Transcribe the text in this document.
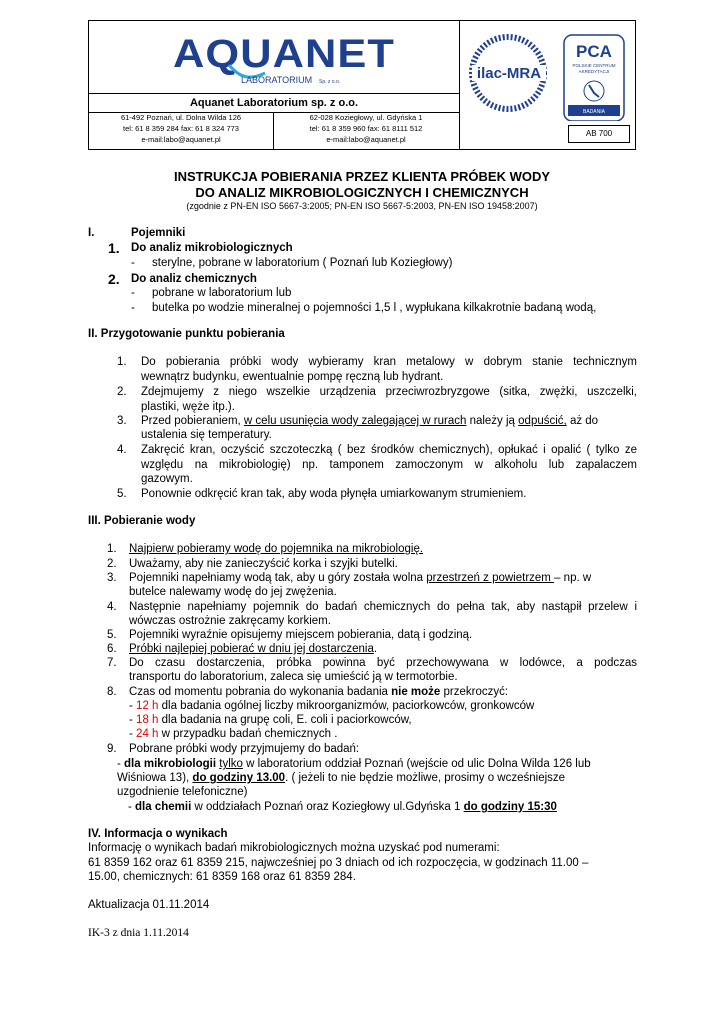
AQUANET
LABORATORIUM Sp. z o.o.
Aquanet Laboratorium sp. z o.o.
61-492 Poznań, ul. Dolna Wilda 126
tel: 61 8 359 284 fax: 61 8 324 773
e-mail:labo@aquanet.pl
62-028 Koziegłowy, ul. Gdyńska 1
tel: 61 8 359 960 fax: 61 8111 512
e-mail:labo@aquanet.pl
ilac-MRA
PCA
POLSKIE CENTRUM
AKREDYTACJI
BADANIA
AB 700
INSTRUKCJA POBIERANIA PRZEZ KLIENTA PRÓBEK WODY
DO ANALIZ MIKROBIOLOGICZNYCH I CHEMICZNYCH
(zgodnie z PN-EN ISO 5667-3:2005; PN-EN ISO 5667-5:2003, PN-EN ISO 19458:2007)
I.	Pojemniki
1. Do analiz mikrobiologicznych
- sterylne, pobrane w laboratorium ( Poznań lub Koziegłowy)
2. Do analiz chemicznych
- pobrane w laboratorium lub
- butelka po wodzie mineralnej o pojemności 1,5 l , wypłukana kilkakrotnie badaną wodą,
II. Przygotowanie punktu pobierania
1. Do pobierania próbki wody wybieramy kran metalowy w dobrym stanie technicznym
wewnątrz budynku, ewentualnie pompę ręczną lub hydrant.
2. Zdejmujemy z niego wszelkie urządzenia przeciwrozbryzgowe (sitka, zwężki, uszczelki,
plastiki, węże itp.).
3. Przed pobieraniem, w celu usunięcia wody zalegającej w rurach należy ją odpuścić, aż do
ustalenia się temperatury.
4. Zakręcić kran, oczyścić szczoteczką ( bez środków chemicznych), opłukać i opalić ( tylko ze
względu na mikrobiologię) np. tamponem zamoczonym w alkoholu lub zapalaczem
gazowym.
5. Ponownie odkręcić kran tak, aby woda płynęła umiarkowanym strumieniem.
III. Pobieranie wody
1. Najpierw pobieramy wodę do pojemnika na mikrobiologię.
2. Uważamy, aby nie zanieczyścić korka i szyjki butelki.
3. Pojemniki napełniamy wodą tak, aby u góry została wolna przestrzeń z powietrzem – np. w
butelce nalewamy wodę do jej zwężenia.
4. Następnie napełniamy pojemnik do badań chemicznych do pełna tak, aby nastąpił przelew i
wówczas ostrożnie zakręcamy korkiem.
5. Pojemniki wyraźnie opisujemy miejscem pobierania, datą i godziną.
6. Próbki najlepiej pobierać w dniu jej dostarczenia.
7. Do czasu dostarczenia, próbka powinna być przechowywana w lodówce, a podczas
transportu do laboratorium, zaleca się umieścić ją w termotorbie.
8. Czas od momentu pobrania do wykonania badania nie może przekroczyć:
- 12 h dla badania ogólnej liczby mikroorganizmów, paciorkowców, gronkowców
- 18 h dla badania na grupę coli, E. coli i paciorkowców,
- 24 h w przypadku badań chemicznych .
9. Pobrane próbki wody przyjmujemy do badań:
- dla mikrobiologii tylko w laboratorium oddział Poznań (wejście od ulic Dolna Wilda 126 lub
Wiśniowa 13), do godziny 13.00. ( jeżeli to nie będzie możliwe, prosimy o wcześniejsze
uzgodnienie telefoniczne)
- dla chemii w oddziałach Poznań oraz Koziegłowy ul.Gdyńska 1 do godziny 15:30
IV. Informacja o wynikach
Informację o wynikach badań mikrobiologicznych można uzyskać pod numerami:
61 8359 162 oraz 61 8359 215, najwcześniej po 3 dniach od ich rozpoczęcia, w godzinach 11.00 –
15.00, chemicznych: 61 8359 168 oraz 61 8359 284.
Aktualizacja 01.11.2014
IK-3 z dnia 1.11.2014
